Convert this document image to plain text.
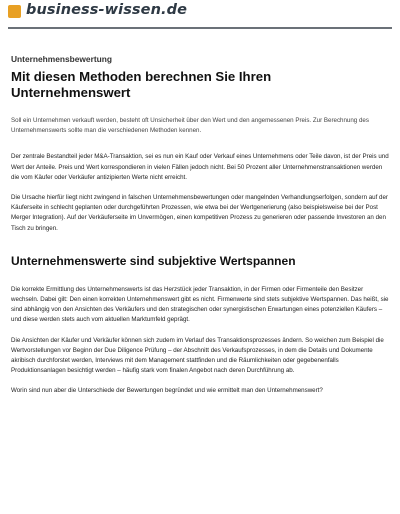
business-wissen.de
Unternehmensbewertung
Mit diesen Methoden berechnen Sie Ihren Unternehmenswert
Soll ein Unternehmen verkauft werden, besteht oft Unsicherheit über den Wert und den angemessenen Preis. Zur Berechnung des Unternehmenswerts sollte man die verschiedenen Methoden kennen.

Der zentrale Bestandteil jeder M&A-Transaktion, sei es nun ein Kauf oder Verkauf eines Unternehmens oder Teile davon, ist der Preis und Wert der Anteile. Preis und Wert korrespondieren in vielen Fällen jedoch nicht. Bei 50 Prozent aller Unternehmenstransaktionen werden die vom Käufer oder Verkäufer antizipierten Werte nicht erreicht.

Die Ursache hierfür liegt nicht zwingend in falschen Unternehmensbewertungen oder mangelnden Verhandlungserfolgen, sondern auf der Käuferseite in schlecht geplanten oder durchgeführten Prozessen, wie etwa bei der Wertgenerierung (also beispielsweise bei der Post Merger Integration). Auf der Verkäuferseite im Unvermögen, einen kompetitiven Prozess zu generieren oder passende Investoren an den Tisch zu bringen.

Unternehmenswerte sind subjektive Wertspannen

Die korrekte Ermittlung des Unternehmenswerts ist das Herzstück jeder Transaktion, in der Firmen oder Firmenteile den Besitzer wechseln. Dabei gilt: Den einen korrekten Unternehmenswert gibt es nicht. Firmenwerte sind stets subjektive Wertspannen. Das heißt, sie sind abhängig von den Ansichten des Verkäufers und den strategischen oder synergistischen Erwartungen eines potenziellen Käufers – und diese werden stets auch vom aktuellen Marktumfeld geprägt.

Die Ansichten der Käufer und Verkäufer können sich zudem im Verlauf des Transaktionsprozesses ändern. So weichen zum Beispiel die Wertvorstellungen vor Beginn der Due Diligence Prüfung – der Abschnitt des Verkaufsprozesses, in dem die Details und Dokumente akribisch durchforstet werden, Interviews mit dem Management stattfinden und die Räumlichkeiten oder gegebenenfalls Produktionsanlagen besichtigt werden – häufig stark vom finalen Angebot nach deren Durchführung ab.

Worin sind nun aber die Unterschiede der Bewertungen begründet und wie ermittelt man den Unternehmenswert?
